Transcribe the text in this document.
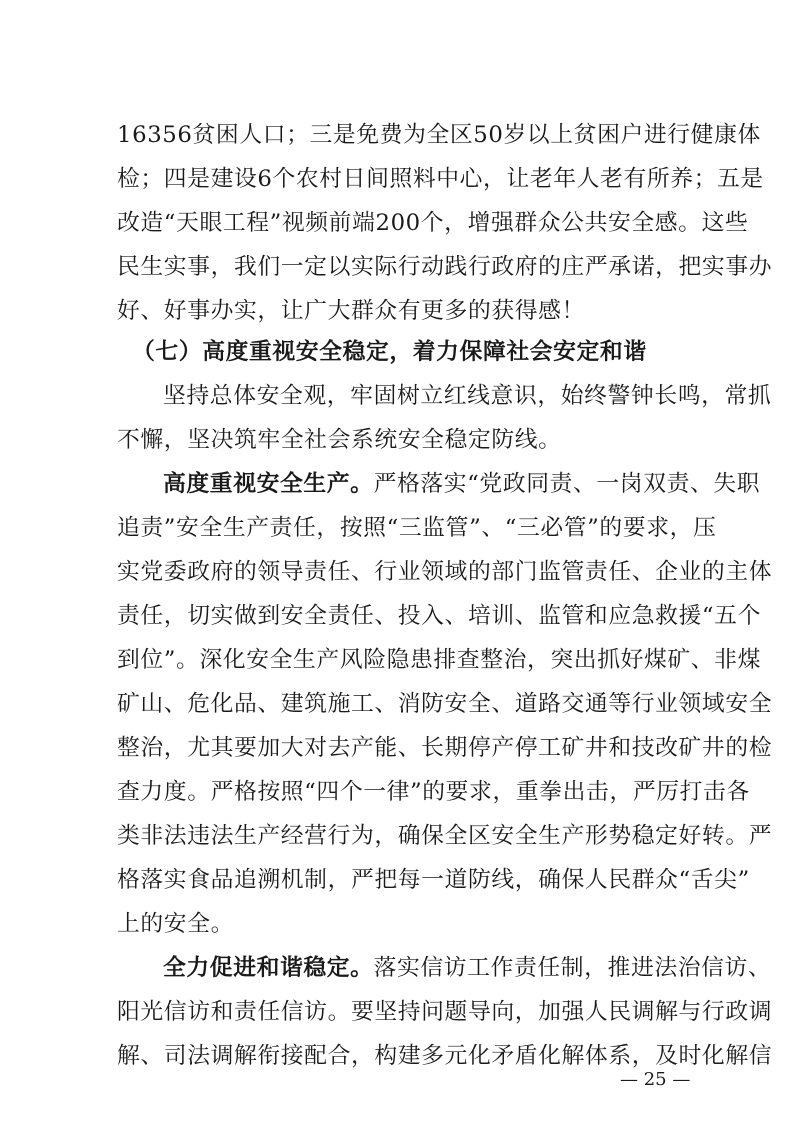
16356贫困人口；三是免费为全区50岁以上贫困户进行健康体
检；四是建设6个农村日间照料中心，让老年人老有所养；五是
改造“天眼工程”视频前端200个，增强群众公共安全感。这些
民生实事，我们一定以实际行动践行政府的庄严承诺，把实事办
好、好事办实，让广大群众有更多的获得感！
（七）高度重视安全稳定，着力保障社会安定和谐
坚持总体安全观，牢固树立红线意识，始终警钟长鸣，常抓
不懈，坚决筑牢全社会系统安全稳定防线。
高度重视安全生产。严格落实“党政同责、一岗双责、失职
追责”安全生产责任，按照“三监管”、“三必管”的要求，压
实党委政府的领导责任、行业领域的部门监管责任、企业的主体
责任，切实做到安全责任、投入、培训、监管和应急救援“五个
到位”。深化安全生产风险隐患排查整治，突出抓好煤矿、非煤
矿山、危化品、建筑施工、消防安全、道路交通等行业领域安全
整治，尤其要加大对去产能、长期停产停工矿井和技改矿井的检
查力度。严格按照“四个一律”的要求，重拳出击，严厉打击各
类非法违法生产经营行为，确保全区安全生产形势稳定好转。严
格落实食品追溯机制，严把每一道防线，确保人民群众“舌尖”
上的安全。
全力促进和谐稳定。落实信访工作责任制，推进法治信访、
阳光信访和责任信访。要坚持问题导向，加强人民调解与行政调
解、司法调解衔接配合，构建多元化矛盾化解体系，及时化解信
— 25 —
